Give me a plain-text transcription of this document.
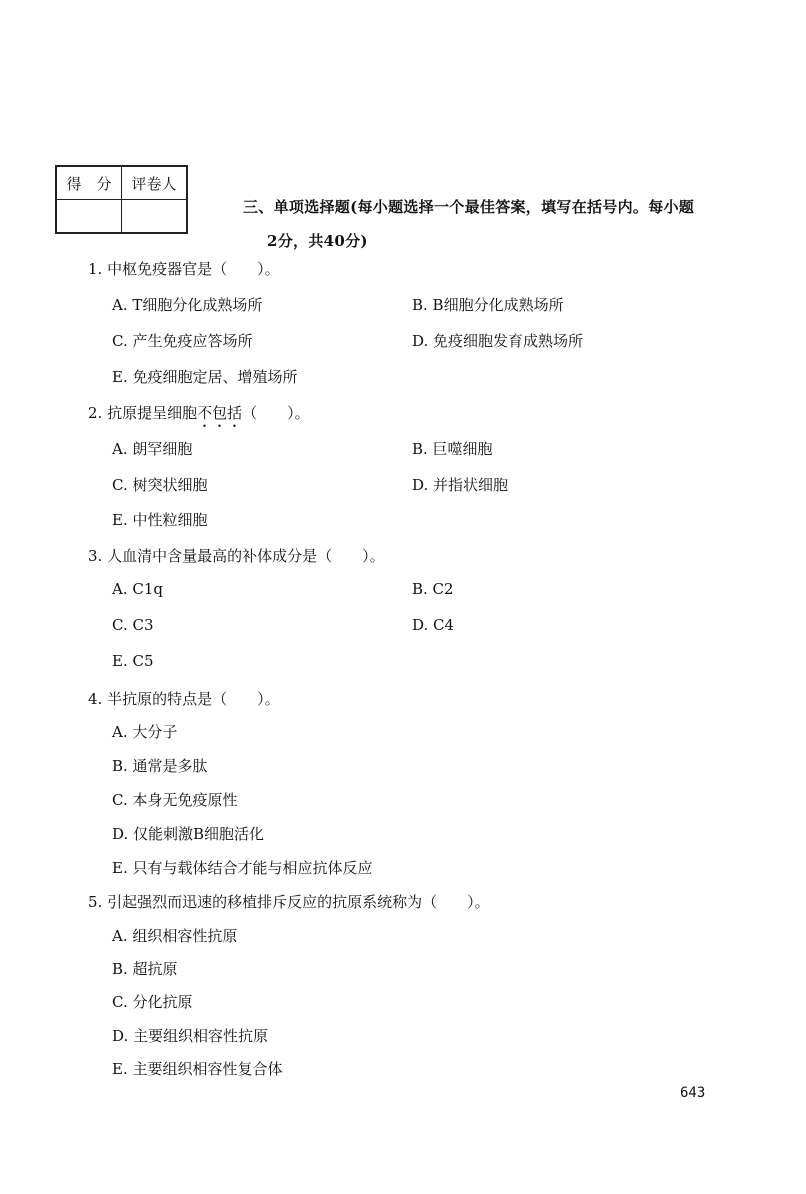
得　分	评卷人

三、单项选择题(每小题选择一个最佳答案，填写在括号内。每小题
2分，共40分)
1. 中枢免疫器官是（　　）。
A. T细胞分化成熟场所	B. B细胞分化成熟场所
C. 产生免疫应答场所	D. 免疫细胞发育成熟场所
E. 免疫细胞定居、增殖场所
2. 抗原提呈细胞不包括（　　）。
A. 朗罕细胞	B. 巨噬细胞
C. 树突状细胞	D. 并指状细胞
E. 中性粒细胞
3. 人血清中含量最高的补体成分是（　　）。
A. C1q	B. C2
C. C3	D. C4
E. C5
4. 半抗原的特点是（　　）。
A. 大分子
B. 通常是多肽
C. 本身无免疫原性
D. 仅能刺激B细胞活化
E. 只有与载体结合才能与相应抗体反应
5. 引起强烈而迅速的移植排斥反应的抗原系统称为（　　）。
A. 组织相容性抗原
B. 超抗原
C. 分化抗原
D. 主要组织相容性抗原
E. 主要组织相容性复合体
643
